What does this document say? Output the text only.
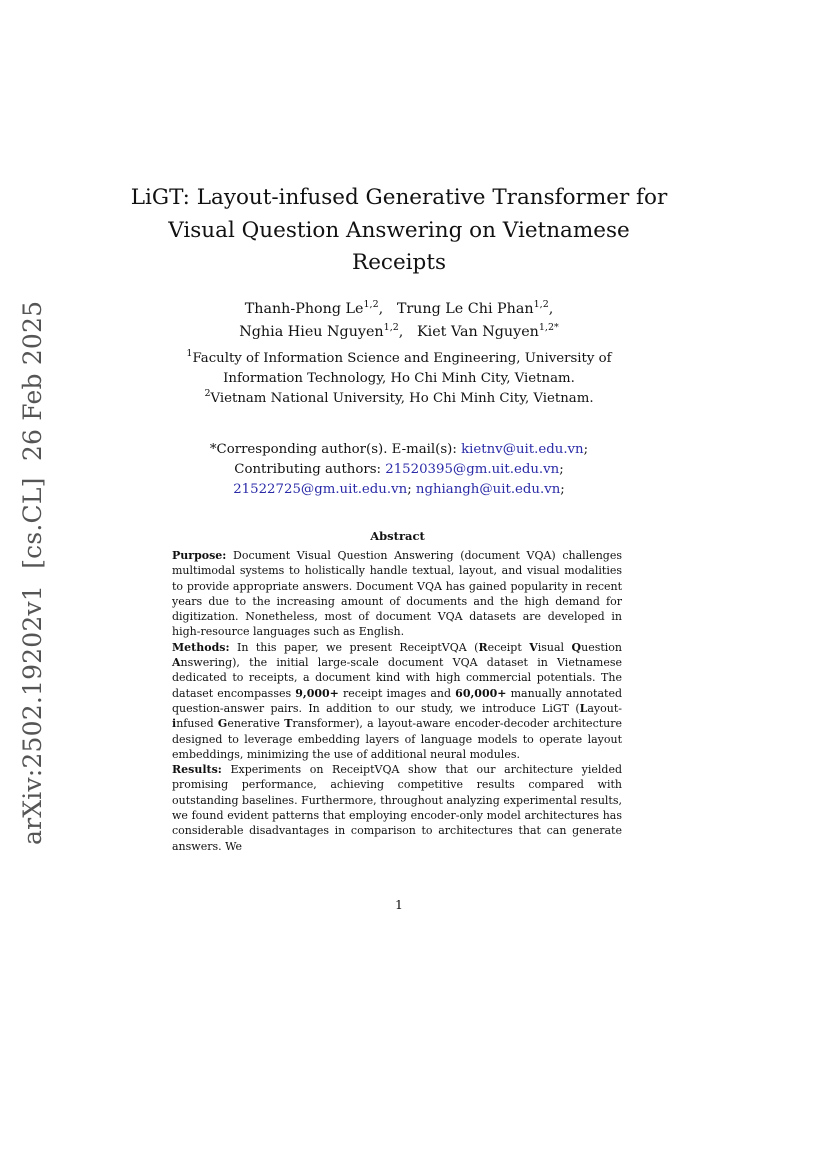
arXiv:2502.19202v1  [cs.CL]  26 Feb 2025
LiGT: Layout-infused Generative Transformer for
Visual Question Answering on Vietnamese
Receipts
Thanh-Phong Le$^{1,2}$, Trung Le Chi Phan$^{1,2}$,
Nghia Hieu Nguyen$^{1,2}$, Kiet Van Nguyen$^{1,2*}$
$^1$Faculty of Information Science and Engineering, University of
Information Technology, Ho Chi Minh City, Vietnam.
$^2$Vietnam National University, Ho Chi Minh City, Vietnam.
*Corresponding author(s). E-mail(s): kietnv@uit.edu.vn;
Contributing authors: 21520395@gm.uit.edu.vn;
21522725@gm.uit.edu.vn; nghiangh@uit.edu.vn;
Abstract

Purpose: Document Visual Question Answering (document VQA) challenges multimodal systems to holistically handle textual, layout, and visual modalities to provide appropriate answers. Document VQA has gained popularity in recent years due to the increasing amount of documents and the high demand for digitization. Nonetheless, most of document VQA datasets are developed in high-resource languages such as English.

Methods: In this paper, we present ReceiptVQA (Receipt Visual Question Answering), the initial large-scale document VQA dataset in Vietnamese dedicated to receipts, a document kind with high commercial potentials. The dataset encompasses 9,000+ receipt images and 60,000+ manually annotated question-answer pairs. In addition to our study, we introduce LiGT (Layout-infused Generative Transformer), a layout-aware encoder-decoder architecture designed to leverage embedding layers of language models to operate layout embeddings, minimizing the use of additional neural modules.

Results: Experiments on ReceiptVQA show that our architecture yielded promising performance, achieving competitive results compared with outstanding baselines. Furthermore, throughout analyzing experimental results, we found evident patterns that employing encoder-only model architectures has considerable disadvantages in comparison to architectures that can generate answers. We

1
